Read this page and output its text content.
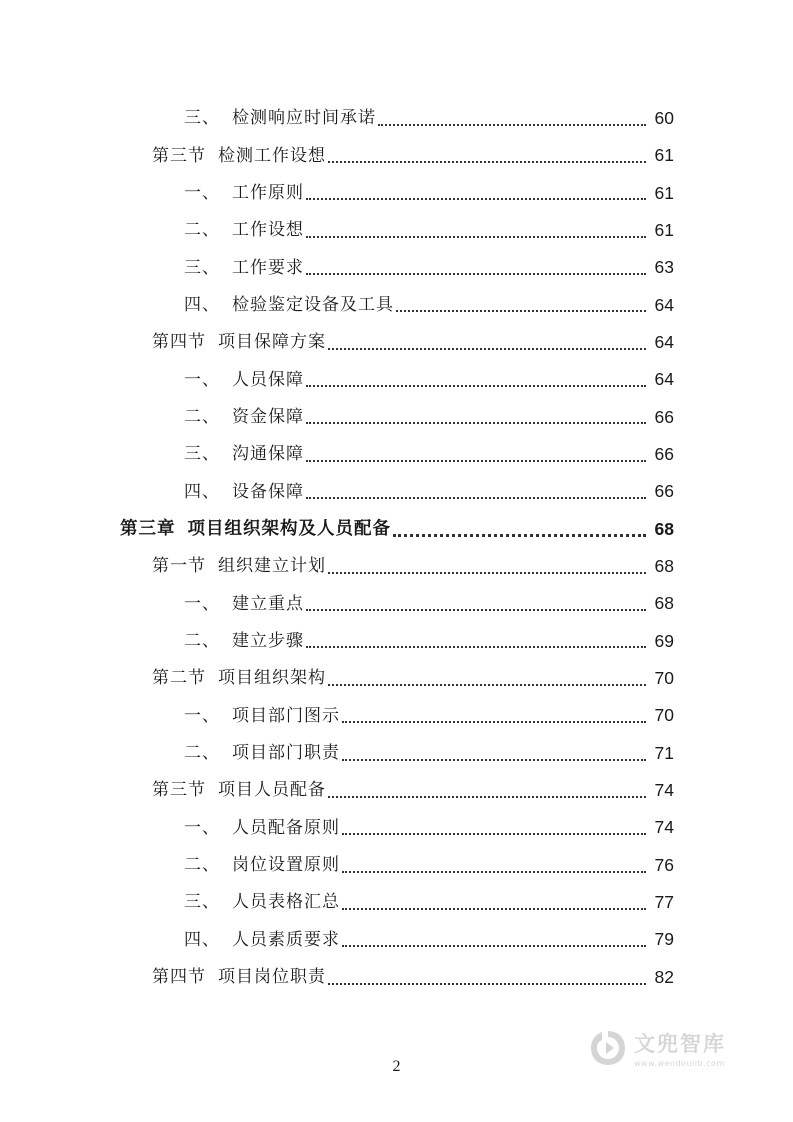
三、 检测响应时间承诺	60
第三节 检测工作设想	61
一、 工作原则	61
二、 工作设想	61
三、 工作要求	63
四、 检验鉴定设备及工具	64
第四节 项目保障方案	64
一、 人员保障	64
二、 资金保障	66
三、 沟通保障	66
四、 设备保障	66
第三章 项目组织架构及人员配备	68
第一节 组织建立计划	68
一、 建立重点	68
二、 建立步骤	69
第二节 项目组织架构	70
一、 项目部门图示	70
二、 项目部门职责	71
第三节 项目人员配备	74
一、 人员配备原则	74
二、 岗位设置原则	76
三、 人员表格汇总	77
四、 人员素质要求	79
第四节 项目岗位职责	82
2
文兜智库
www.wendoulib.com
